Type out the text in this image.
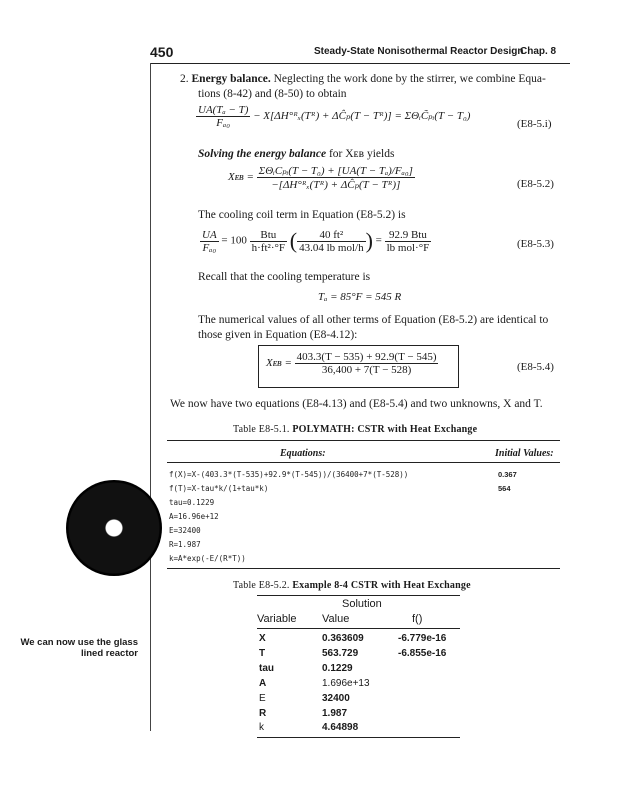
450	Steady-State Nonisothermal Reactor Design
Chap. 8
2. Energy balance. Neglecting the work done by the stirrer, we combine Equa-
tions (8-42) and (8-50) to obtain
$\frac{\text{UA(Tₐ − T)}}{\text{Fₐ₀}}$ − X[ΔH°ᴿₓ(Tᴿ) + ΔĈₚ(T − Tᴿ)] = ΣΘᵢC̃ₚᵢ(T − T₀)
(E8-5.i)
Solving the energy balance for Xᴇʙ yields
Xᴇʙ = $\frac{\text{ΣΘᵢCₚᵢ(T − T₀) + [UA(T − Tₐ)/Fₐ₀]}}{\text{−[ΔH°ᴿₓ(Tᴿ) + ΔĈₚ(T − Tᴿ)]}}$	(E8-5.2)
The cooling coil term in Equation (E8-5.2) is
$\frac{UA}{\text{Fₐ₀}} = 100 \frac{\text{Btu}}{\text{h·ft²·°F}}$ ( $\frac{\text{40 ft²}}{\text{43.04 lb mol/h}}$ ) = $\frac{\text{92.9 Btu}}{\text{lb mol·°F}}$	(E8-5.3)
Recall that the cooling temperature is
Tₐ = 85°F = 545 R
The numerical values of all other terms of Equation (E8-5.2) are identical to
those given in Equation (E8-4.12):
Xᴇʙ = $\frac{403.3(T - 535) + 92.9(T - 545)}{36,400 + 7(T - 528)}$	(E8-5.4)
We now have two equations (E8-4.13) and (E8-5.4) and two unknowns, X and T.
Table E8-5.1. POLYMATH: CSTR with Heat Exchange
Equations:	Initial Values:
f(X)=X-(403.3*(T-535)+92.9*(T-545))/(36400+7*(T-528))	0.367
f(T)=X-tau*k/(1+tau*k)	564
tau=0.1229
A=16.96e+12
E=32400
R=1.987
k=A*exp(-E/(R*T))
Table E8-5.2. Example 8-4 CSTR with Heat Exchange
Solution
Variable Value	f()
X	0.363609	-6.779e-16
T	563.729	-6.855e-16
tau	0.1229
A	1.696e+13
E	32400
R	1.987
k	4.64898
We can now use the glass lined reactor
